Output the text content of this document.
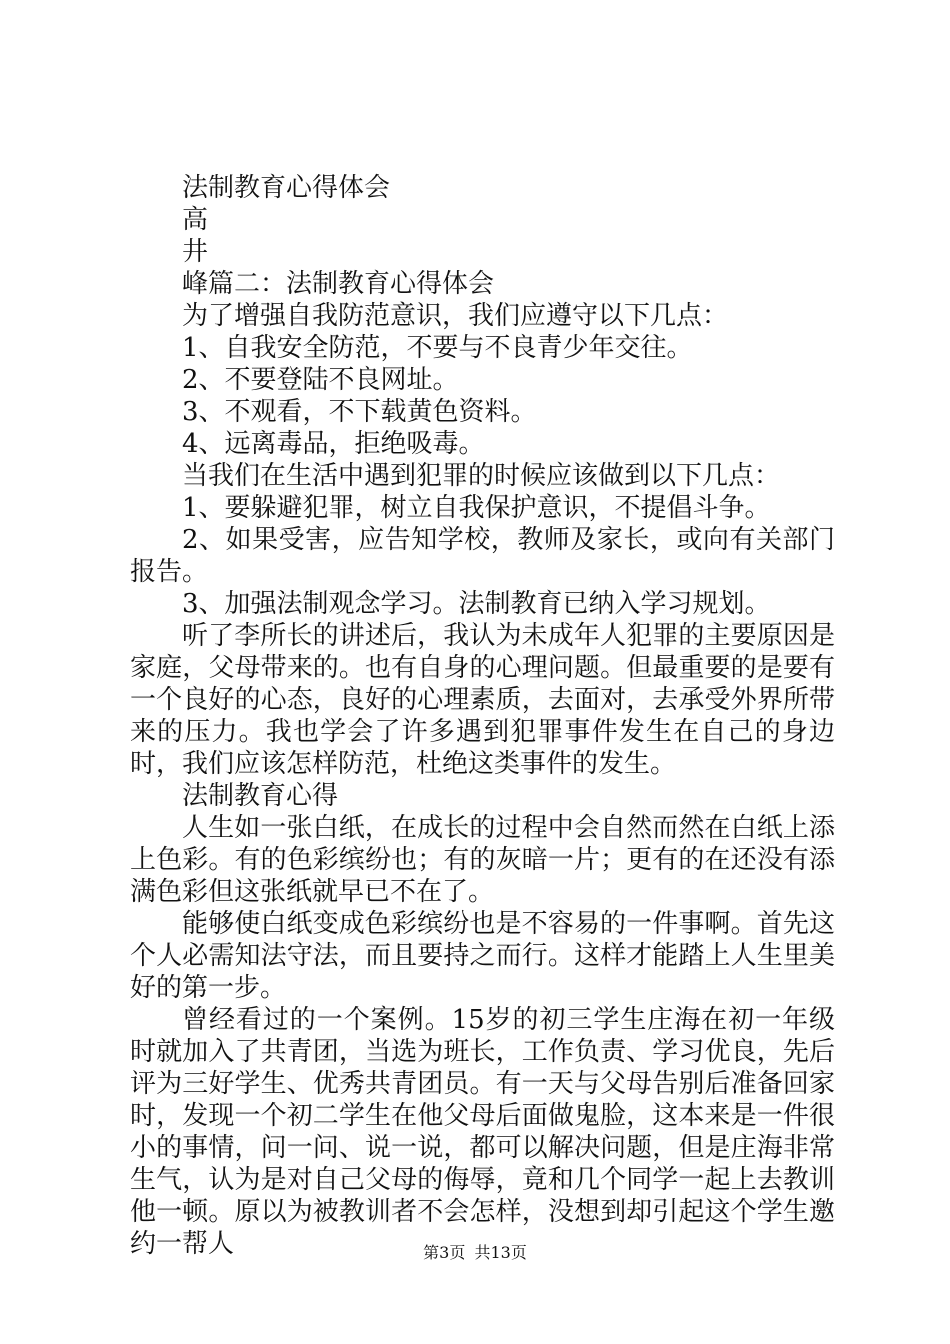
法制教育心得体会
高
井
峰篇二：法制教育心得体会
为了增强自我防范意识，我们应遵守以下几点：
1、自我安全防范，不要与不良青少年交往。
2、不要登陆不良网址。
3、不观看，不下载黄色资料。
4、远离毒品，拒绝吸毒。
当我们在生活中遇到犯罪的时候应该做到以下几点：
1、要躲避犯罪，树立自我保护意识，不提倡斗争。

2、如果受害，应告知学校，教师及家长，或向有关部门报告。

3、加强法制观念学习。法制教育已纳入学习规划。

听了李所长的讲述后，我认为未成年人犯罪的主要原因是家庭，父母带来的。也有自身的心理问题。但最重要的是要有一个良好的心态，良好的心理素质，去面对，去承受外界所带来的压力。我也学会了许多遇到犯罪事件发生在自己的身边时，我们应该怎样防范，杜绝这类事件的发生。

法制教育心得

人生如一张白纸，在成长的过程中会自然而然在白纸上添上色彩。有的色彩缤纷也；有的灰暗一片；更有的在还没有添满色彩但这张纸就早已不在了。

能够使白纸变成色彩缤纷也是不容易的一件事啊。首先这个人必需知法守法，而且要持之而行。这样才能踏上人生里美好的第一步。

曾经看过的一个案例。15岁的初三学生庄海在初一年级时就加入了共青团，当选为班长，工作负责、学习优良，先后评为三好学生、优秀共青团员。有一天与父母告别后准备回家时，发现一个初二学生在他父母后面做鬼脸，这本来是一件很小的事情，问一问、说一说，都可以解决问题，但是庄海非常生气，认为是对自己父母的侮辱，竟和几个同学一起上去教训他一顿。原以为被教训者不会怎样，没想到却引起这个学生邀约一帮人	第3页 共13页
